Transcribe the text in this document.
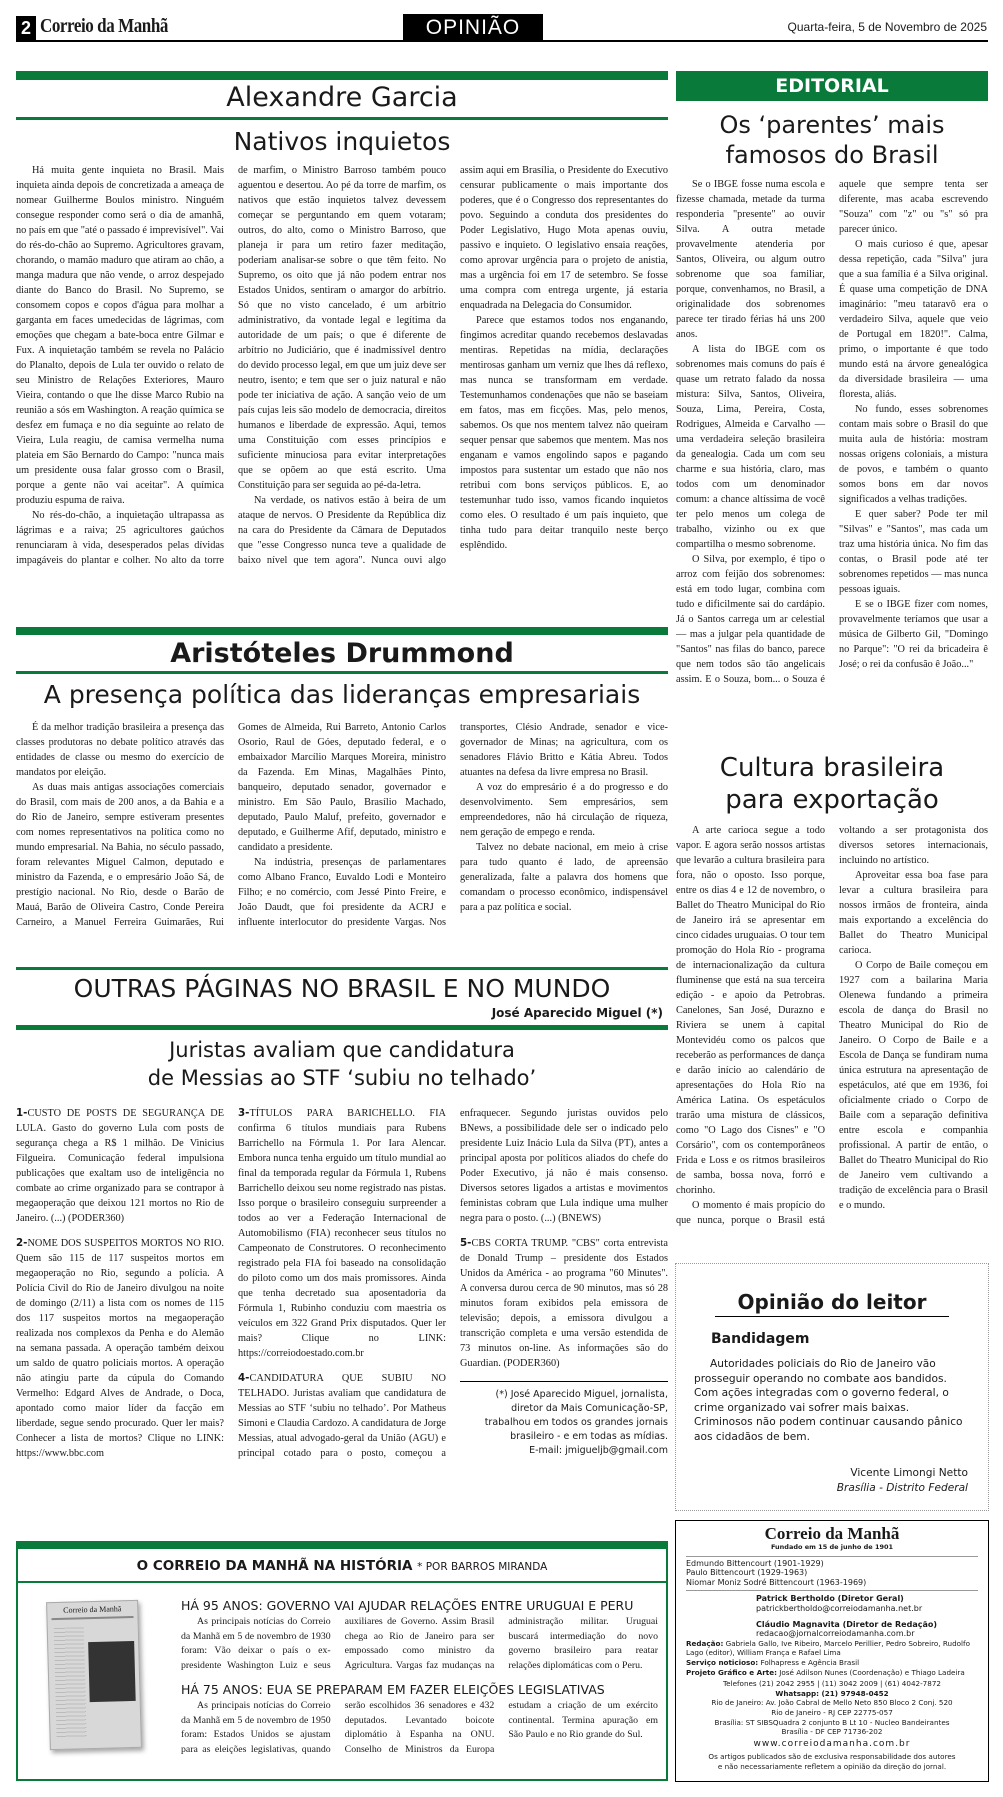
2 Correio da Manhã	OPINIÃO	Quarta-feira, 5 de Novembro de 2025
Alexandre Garcia
Nativos inquietos

Há muita gente inquieta no Brasil. Mais inquieta ainda depois de concretizada a ameaça de nomear Guilherme Boulos ministro. Ninguém consegue responder como será o dia de amanhã, no país em que "até o passado é imprevisível". Vai do rés-do-chão ao Supremo. Agricultores gravam, chorando, o mamão maduro que atiram ao chão, a manga madura que não vende, o arroz despejado diante do Banco do Brasil. No Supremo, se consomem copos e copos d'água para molhar a garganta em faces umedecidas de lágrimas, com emoções que chegam a bate-boca entre Gilmar e Fux. A inquietação também se revela no Palácio do Planalto, depois de Lula ter ouvido o relato de seu Ministro de Relações Exteriores, Mauro Vieira, contando o que lhe disse Marco Rubio na reunião a sós em Washington. A reação química se desfez em fumaça e no dia seguinte ao relato de Vieira, Lula reagiu, de camisa vermelha numa plateia em São Bernardo do Campo: "nunca mais um presidente ousa falar grosso com o Brasil, porque a gente não vai aceitar". A química produziu espuma de raiva.

No rés-do-chão, a inquietação ultrapassa as lágrimas e a raiva; 25 agricultores gaúchos renunciaram à vida, desesperados pelas dívidas impagáveis do plantar e colher. No alto da torre de marfim, o Ministro Barroso também pouco aguentou e desertou. Ao pé da torre de marfim, os nativos que estão inquietos talvez devessem começar se perguntando em quem votaram; outros, do alto, como o Ministro Barroso, que planeja ir para um retiro fazer meditação, poderiam analisar-se sobre o que têm feito. No Supremo, os oito que já não podem entrar nos Estados Unidos, sentiram o amargor do arbítrio. Só que no visto cancelado, é um arbítrio administrativo, da vontade legal e legítima da autoridade de um país; o que é diferente de arbítrio no Judiciário, que é inadmissível dentro do devido processo legal, em que um juiz deve ser neutro, isento; e tem que ser o juiz natural e não pode ter iniciativa de ação. A sanção veio de um país cujas leis são modelo de democracia, direitos humanos e liberdade de expressão. Aqui, temos uma Constituição com esses princípios e suficiente minuciosa para evitar interpretações que se opõem ao que está escrito. Uma Constituição para ser seguida ao pé-da-letra.

Na verdade, os nativos estão à beira de um ataque de nervos. O Presidente da República diz na cara do Presidente da Câmara de Deputados que "esse Congresso nunca teve a qualidade de baixo nível que tem agora". Nunca ouvi algo assim aqui em Brasília, o Presidente do Executivo censurar publicamente o mais importante dos poderes, que é o Congresso dos representantes do povo. Seguindo a conduta dos presidentes do Poder Legislativo, Hugo Mota apenas ouviu, passivo e inquieto. O legislativo ensaia reações, como aprovar urgência para o projeto de anistia, mas a urgência foi em 17 de setembro. Se fosse uma compra com entrega urgente, já estaria enquadrada na Delegacia do Consumidor.

Parece que estamos todos nos enganando, fingimos acreditar quando recebemos deslavadas mentiras. Repetidas na mídia, declarações mentirosas ganham um verniz que lhes dá reflexo, mas nunca se transformam em verdade. Testemunhamos condenações que não se baseiam em fatos, mas em ficções. Mas, pelo menos, sabemos. Os que nos mentem talvez não queiram sequer pensar que sabemos que mentem. Mas nos enganam e vamos engolindo sapos e pagando impostos para sustentar um estado que não nos retribui com bons serviços públicos. E, ao testemunhar tudo isso, vamos ficando inquietos como eles. O resultado é um país inquieto, que tinha tudo para deitar tranquilo neste berço esplêndido.

Aristóteles Drummond
A presença política das lideranças empresariais

É da melhor tradição brasileira a presença das classes produtoras no debate político através das entidades de classe ou mesmo do exercício de mandatos por eleição.

As duas mais antigas associações comerciais do Brasil, com mais de 200 anos, a da Bahia e a do Rio de Janeiro, sempre estiveram presentes com nomes representativos na política como no mundo empresarial. Na Bahia, no século passado, foram relevantes Miguel Calmon, deputado e ministro da Fazenda, e o empresário João Sá, de prestígio nacional. No Rio, desde o Barão de Mauá, Barão de Oliveira Castro, Conde Pereira Carneiro, a Manuel Ferreira Guimarães, Rui Gomes de Almeida, Rui Barreto, Antonio Carlos Osorio, Raul de Góes, deputado federal, e o embaixador Marcílio Marques Moreira, ministro da Fazenda. Em Minas, Magalhães Pinto, banqueiro, deputado senador, governador e ministro. Em São Paulo, Brasílio Machado, deputado, Paulo Maluf, prefeito, governador e deputado, e Guilherme Afif, deputado, ministro e candidato a presidente.

Na indústria, presenças de parlamentares como Albano Franco, Euvaldo Lodi e Monteiro Filho; e no comércio, com Jessé Pinto Freire, e João Daudt, que foi presidente da ACRJ e influente interlocutor do presidente Vargas. Nos transportes, Clésio Andrade, senador e vice-governador de Minas; na agricultura, com os senadores Flávio Britto e Kátia Abreu. Todos atuantes na defesa da livre empresa no Brasil.

A voz do empresário é a do progresso e do desenvolvimento. Sem empresários, sem empreendedores, não há circulação de riqueza, nem geração de empego e renda.

Talvez no debate nacional, em meio à crise para tudo quanto é lado, de apreensão generalizada, falte a palavra dos homens que comandam o processo econômico, indispensável para a paz política e social.

OUTRAS PÁGINAS NO BRASIL E NO MUNDO
José Aparecido Miguel (*)
Juristas avaliam que candidatura
de Messias ao STF ‘subiu no telhado’
1-CUSTO DE POSTS DE SEGURANÇA DE LULA. Gasto do governo Lula com posts de segurança chega a R$ 1 milhão. De Vinicius Filgueira. Comunicação federal impulsiona publicações que exaltam uso de inteligência no combate ao crime organizado para se contrapor à megaoperação que deixou 121 mortos no Rio de Janeiro. (...) (PODER360)
2-NOME DOS SUSPEITOS MORTOS NO RIO. Quem são 115 de 117 suspeitos mortos em megaoperação no Rio, segundo a polícia. A Polícia Civil do Rio de Janeiro divulgou na noite de domingo (2/11) a lista com os nomes de 115 dos 117 suspeitos mortos na megaoperação realizada nos complexos da Penha e do Alemão na semana passada. A operação também deixou um saldo de quatro policiais mortos. A operação não atingiu parte da cúpula do Comando Vermelho: Edgard Alves de Andrade, o Doca, apontado como maior líder da facção em liberdade, segue sendo procurado. Quer ler mais? Conhecer a lista de mortos? Clique no LINK: https://www.bbc.com
3-TÍTULOS PARA BARICHELLO. FIA confirma 6 títulos mundiais para Rubens Barrichello na Fórmula 1. Por Iara Alencar. Embora nunca tenha erguido um título mundial ao final da temporada regular da Fórmula 1, Rubens Barrichello deixou seu nome registrado nas pistas. Isso porque o brasileiro conseguiu surpreender a todos ao ver a Federação Internacional de Automobilismo (FIA) reconhecer seus títulos no Campeonato de Construtores. O reconhecimento registrado pela FIA foi baseado na consolidação do piloto como um dos mais promissores. Ainda que tenha decretado sua aposentadoria da Fórmula 1, Rubinho conduziu com maestria os veículos em 322 Grand Prix disputados. Quer ler mais? Clique no LINK: https://correiodoestado.com.br
4-CANDIDATURA QUE SUBIU NO TELHADO. Juristas avaliam que candidatura de Messias ao STF ‘subiu no telhado’. Por Matheus Simoni e Claudia Cardozo. A candidatura de Jorge Messias, atual advogado-geral da União (AGU) e principal cotado para o posto, começou a enfraquecer. Segundo juristas ouvidos pelo BNews, a possibilidade dele ser o indicado pelo presidente Luiz Inácio Lula da Silva (PT), antes a principal aposta por políticos aliados do chefe do Poder Executivo, já não é mais consenso. Diversos setores ligados a artistas e movimentos feministas cobram que Lula indique uma mulher negra para o posto. (...) (BNEWS)
5-CBS CORTA TRUMP. "CBS" corta entrevista de Donald Trump – presidente dos Estados Unidos da América - ao programa "60 Minutes". A conversa durou cerca de 90 minutos, mas só 28 minutos foram exibidos pela emissora de televisão; depois, a emissora divulgou a transcrição completa e uma versão estendida de 73 minutos on-line. As informações são do Guardian. (PODER360)
(*) José Aparecido Miguel, jornalista,
diretor da Mais Comunicação-SP,
trabalhou em todos os grandes jornais
brasileiro - e em todas as mídias.
E-mail: jmigueljb@gmail.com
EDITORIAL
Os ‘parentes’ mais famosos do Brasil

Se o IBGE fosse numa escola e fizesse chamada, metade da turma responderia "presente" ao ouvir Silva. A outra metade provavelmente atenderia por Santos, Oliveira, ou algum outro sobrenome que soa familiar, porque, convenhamos, no Brasil, a originalidade dos sobrenomes parece ter tirado férias há uns 200 anos.

A lista do IBGE com os sobrenomes mais comuns do país é quase um retrato falado da nossa mistura: Silva, Santos, Oliveira, Souza, Lima, Pereira, Costa, Rodrigues, Almeida e Carvalho — uma verdadeira seleção brasileira da genealogia. Cada um com seu charme e sua história, claro, mas todos com um denominador comum: a chance altíssima de você ter pelo menos um colega de trabalho, vizinho ou ex que compartilha o mesmo sobrenome.

O Silva, por exemplo, é tipo o arroz com feijão dos sobrenomes: está em todo lugar, combina com tudo e dificilmente sai do cardápio. Já o Santos carrega um ar celestial — mas a julgar pela quantidade de "Santos" nas filas do banco, parece que nem todos são tão angelicais assim. E o Souza, bom... o Souza é aquele que sempre tenta ser diferente, mas acaba escrevendo "Souza" com "z" ou "s" só pra parecer único.

O mais curioso é que, apesar dessa repetição, cada "Silva" jura que a sua família é a Silva original. É quase uma competição de DNA imaginário: "meu tataravô era o verdadeiro Silva, aquele que veio de Portugal em 1820!". Calma, primo, o importante é que todo mundo está na árvore genealógica da diversidade brasileira — uma floresta, aliás.

No fundo, esses sobrenomes contam mais sobre o Brasil do que muita aula de história: mostram nossas origens coloniais, a mistura de povos, e também o quanto somos bons em dar novos significados a velhas tradições.

E quer saber? Pode ter mil "Silvas" e "Santos", mas cada um traz uma história única. No fim das contas, o Brasil pode até ter sobrenomes repetidos — mas nunca pessoas iguais.

E se o IBGE fizer com nomes, provavelmente teríamos que usar a música de Gilberto Gil, "Domingo no Parque": "O rei da bricadeira ê José; o rei da confusão ê João..."

Cultura brasileira
para exportação

A arte carioca segue a todo vapor. E agora serão nossos artistas que levarão a cultura brasileira para fora, não o oposto. Isso porque, entre os dias 4 e 12 de novembro, o Ballet do Theatro Municipal do Rio de Janeiro irá se apresentar em cinco cidades uruguaias. O tour tem promoção do Hola Río - programa de internacionalização da cultura fluminense que está na sua terceira edição - e apoio da Petrobras. Canelones, San José, Durazno e Riviera se unem à capital Montevidéu como os palcos que receberão as performances de dança e darão início ao calendário de apresentações do Hola Río na América Latina. Os espetáculos trarão uma mistura de clássicos, como "O Lago dos Cisnes" e "O Corsário", com os contemporâneos Frida e Loss e os ritmos brasileiros de samba, bossa nova, forró e chorinho.

O momento é mais propício do que nunca, porque o Brasil está voltando a ser protagonista dos diversos setores internacionais, incluindo no artístico.

Aproveitar essa boa fase para levar a cultura brasileira para nossos irmãos de fronteira, ainda mais exportando a excelência do Ballet do Theatro Municipal carioca.

O Corpo de Baile começou em 1927 com a bailarina Maria Olenewa fundando a primeira escola de dança do Brasil no Theatro Municipal do Rio de Janeiro. O Corpo de Baile e a Escola de Dança se fundiram numa única estrutura na apresentação de espetáculos, até que em 1936, foi oficialmente criado o Corpo de Baile com a separação definitiva entre escola e companhia profissional. A partir de então, o Ballet do Theatro Municipal do Rio de Janeiro vem cultivando a tradição de excelência para o Brasil e o mundo.

Opinião do leitor
Bandidagem
Autoridades policiais do Rio de Janeiro vão prosseguir operando no combate aos bandidos. Com ações integradas com o governo federal, o crime organizado vai sofrer mais baixas. Criminosos não podem continuar causando pânico aos cidadãos de bem.
Vicente Limongi Netto
Brasília - Distrito Federal
O CORREIO DA MANHÃ NA HISTÓRIA * POR BARROS MIRANDA
Correio da Manhã	HÁ 95 ANOS: GOVERNO VAI AJUDAR RELAÇÕES ENTRE URUGUAI E PERU
As principais notícias do Correio da Manhã em 5 de novembro de 1930 foram: Vão deixar o país o ex-presidente Washington Luiz e seus auxiliares de Governo. Assim Brasil chega ao Rio de Janeiro para ser empossado como ministro da Agricultura. Vargas faz mudanças na administração militar. Uruguai buscará intermediação do novo governo brasileiro para reatar relações diplomáticas com o Peru.
HÁ 75 ANOS: EUA SE PREPARAM EM FAZER ELEIÇÕES LEGISLATIVAS
As principais notícias do Correio da Manhã em 5 de novembro de 1950 foram: Estados Unidos se ajustam para as eleições legislativas, quando serão escolhidos 36 senadores e 432 deputados. Levantado boicote diplomátio à Espanha na ONU. Conselho de Ministros da Europa estudam a criação de um exército continental. Termina apuração em São Paulo e no Rio grande do Sul.
Correio da Manhã
Fundado em 15 de junho de 1901
Edmundo Bittencourt (1901-1929)
Paulo Bittencourt (1929-1963)
Niomar Moniz Sodré Bittencourt (1963-1969)
Patrick Bertholdo (Diretor Geral)
patrickbertholdo@correiodamanha.net.br
Cláudio Magnavita (Diretor de Redação)
redacao@jornalcorreiodamanha.com.br
Redação: Gabriela Gallo, Ive Ribeiro, Marcelo Perillier, Pedro Sobreiro, Rudolfo Lago (editor), William França e Rafael Lima
Serviço noticioso: Folhapress e Agência Brasil
Projeto Gráfico e Arte: José Adilson Nunes (Coordenação) e Thiago Ladeira
Telefones (21) 2042 2955 | (11) 3042 2009 | (61) 4042-7872
Whatsapp: (21) 97948-0452
Rio de Janeiro: Av. João Cabral de Mello Neto 850 Bloco 2 Conj. 520
Rio de Janeiro - RJ CEP 22775-057
Brasília: ST SIBSQuadra 2 conjunto B Lt 10 - Nucleo Bandeirantes
Brasília - DF CEP 71736-202
www.correiodamanha.com.br
Os artigos publicados são de exclusiva responsabilidade dos autores
e não necessariamente refletem a opinião da direção do jornal.
